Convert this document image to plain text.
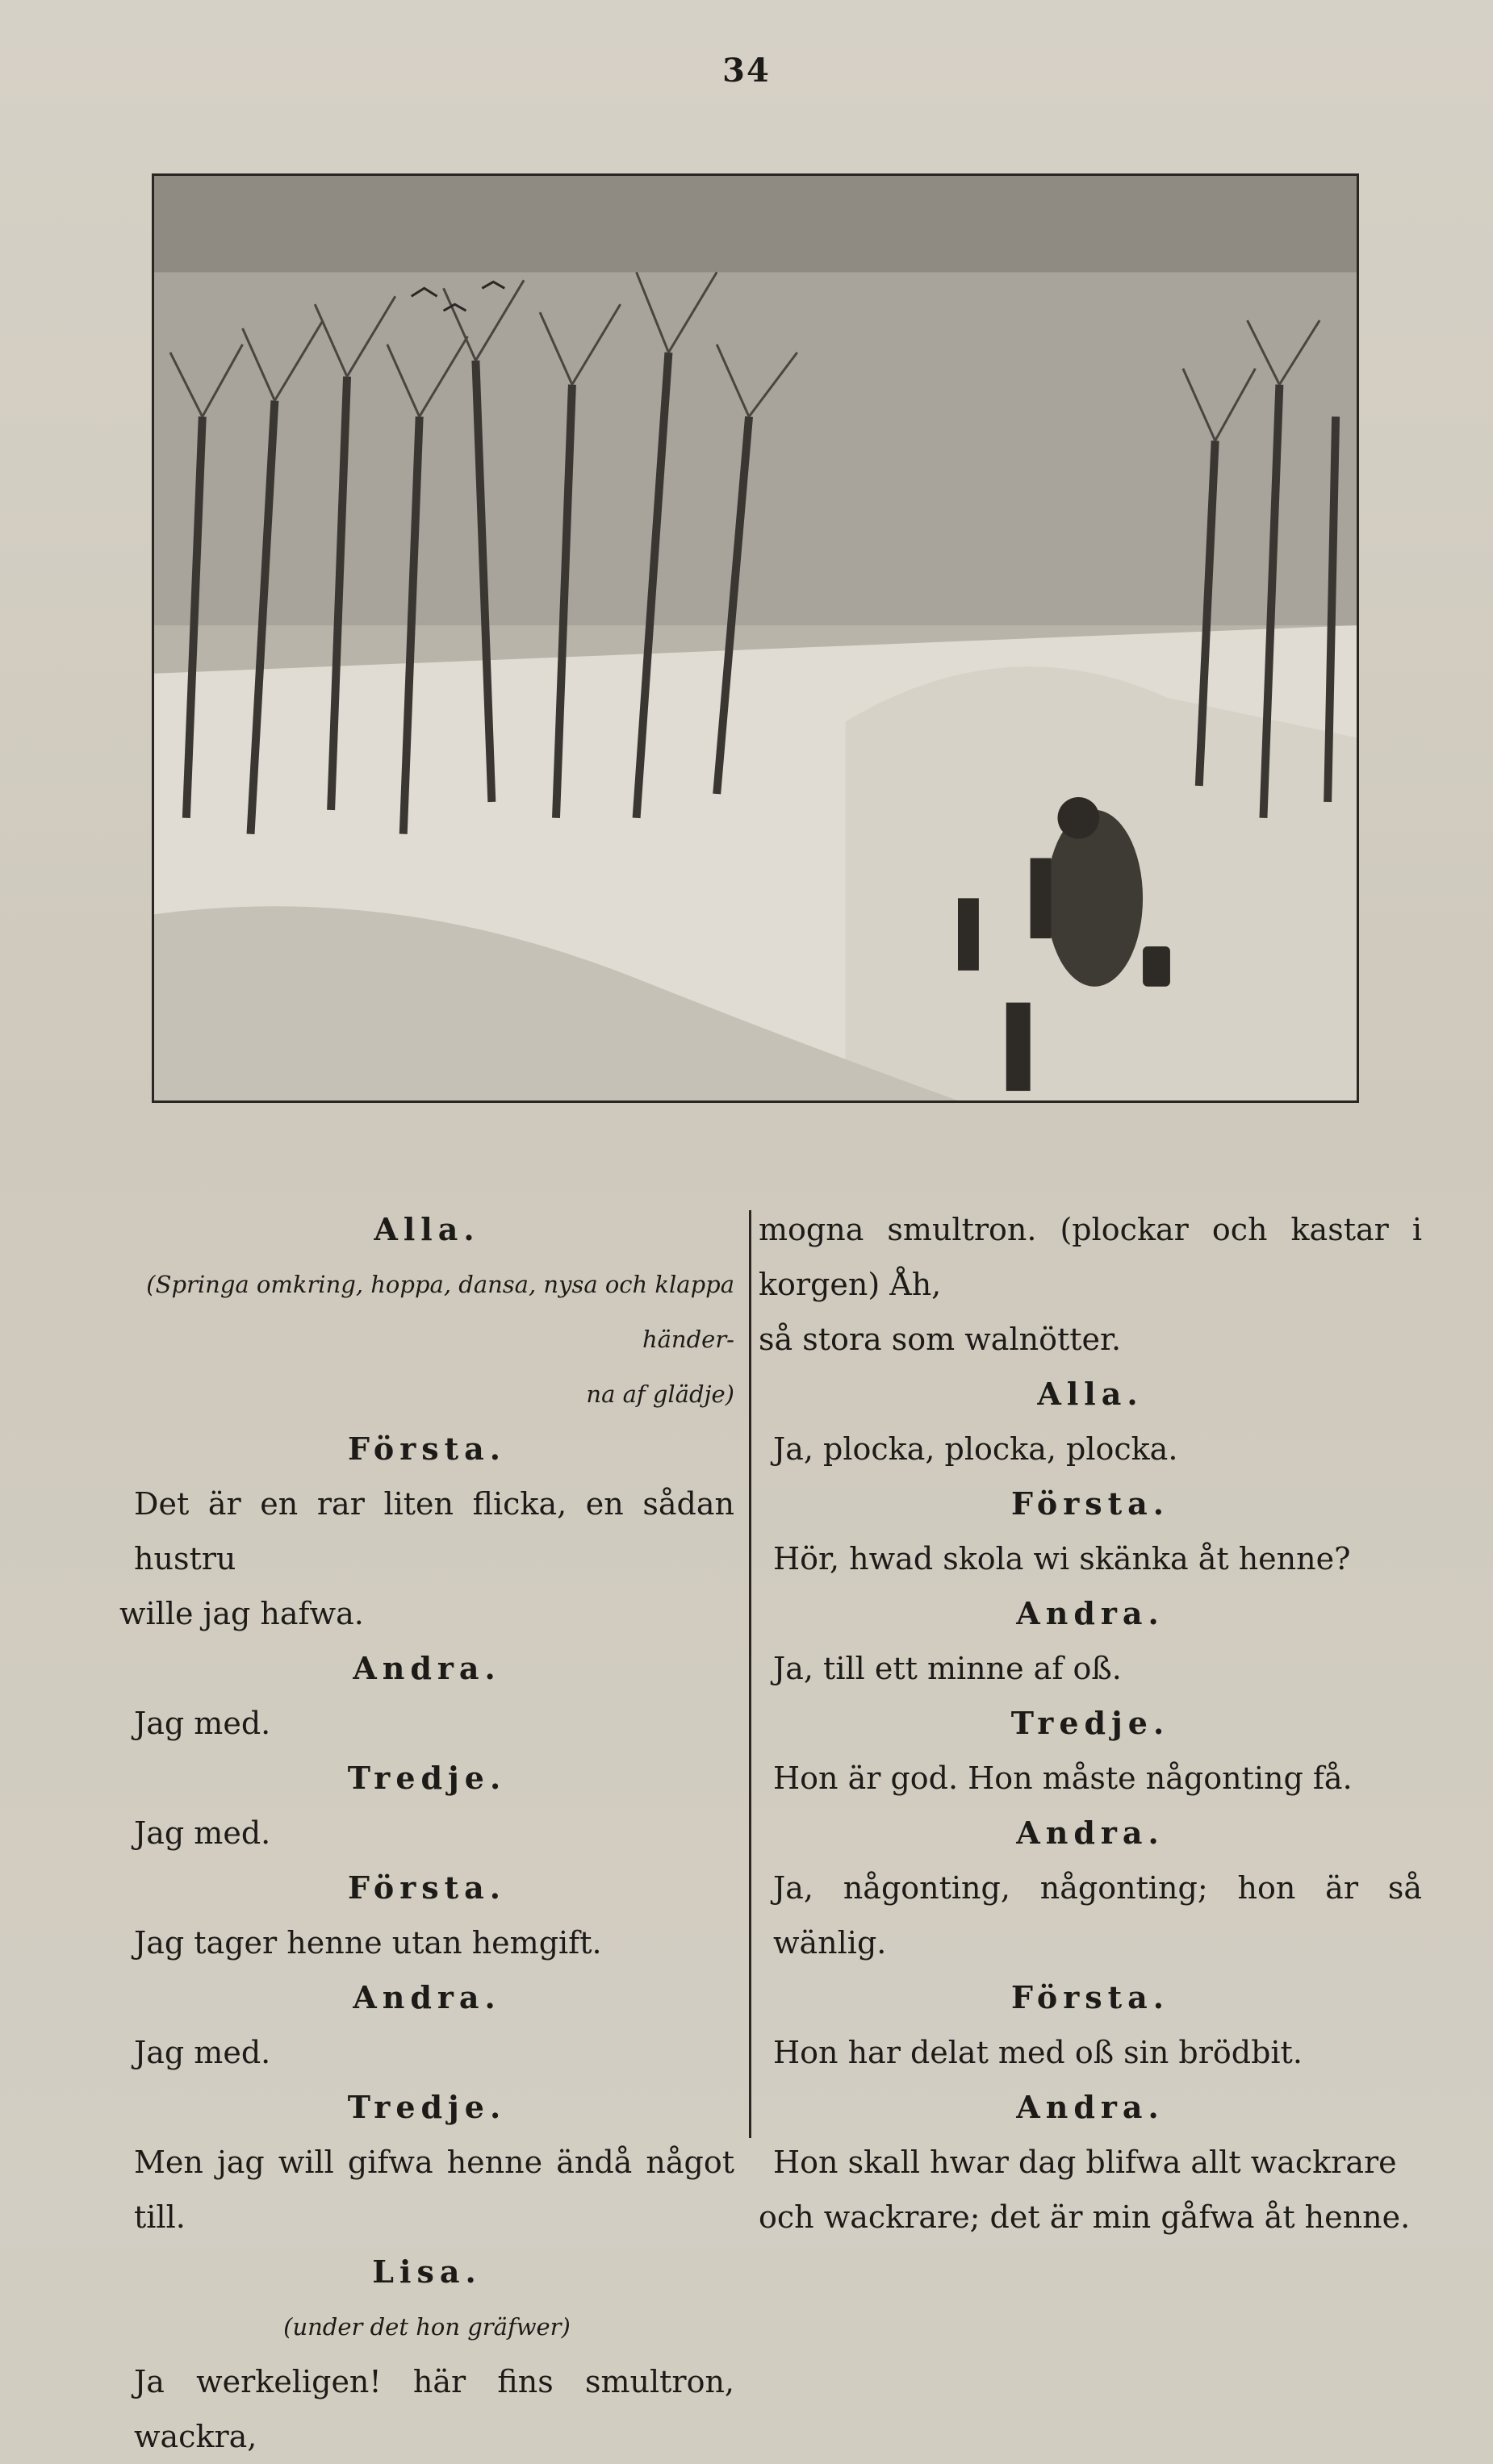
34
Alla.
(Springa omkring, hoppa, dansa, nysa och klappa händer-
na af glädje)
Första.
Det är en rar liten flicka, en sådan hustru
wille jag hafwa.
Andra.
Jag med.
Tredje.
Jag med.
Första.
Jag tager henne utan hemgift.
Andra.
Jag med.
Tredje.
Men jag will gifwa henne ändå något till.
Lisa.
(under det hon gräfwer)
Ja werkeligen! här fins smultron, wackra,
mogna smultron. (plockar och kastar i korgen) Åh,
så stora som walnötter.
Alla.
Ja, plocka, plocka, plocka.
Första.
Hör, hwad skola wi skänka åt henne?
Andra.
Ja, till ett minne af oß.
Tredje.
Hon är god. Hon måste någonting få.
Andra.
Ja, någonting, någonting; hon är så wänlig.
Första.
Hon har delat med oß sin brödbit.
Andra.
Hon skall hwar dag blifwa allt wackrare
och wackrare; det är min gåfwa åt henne.
